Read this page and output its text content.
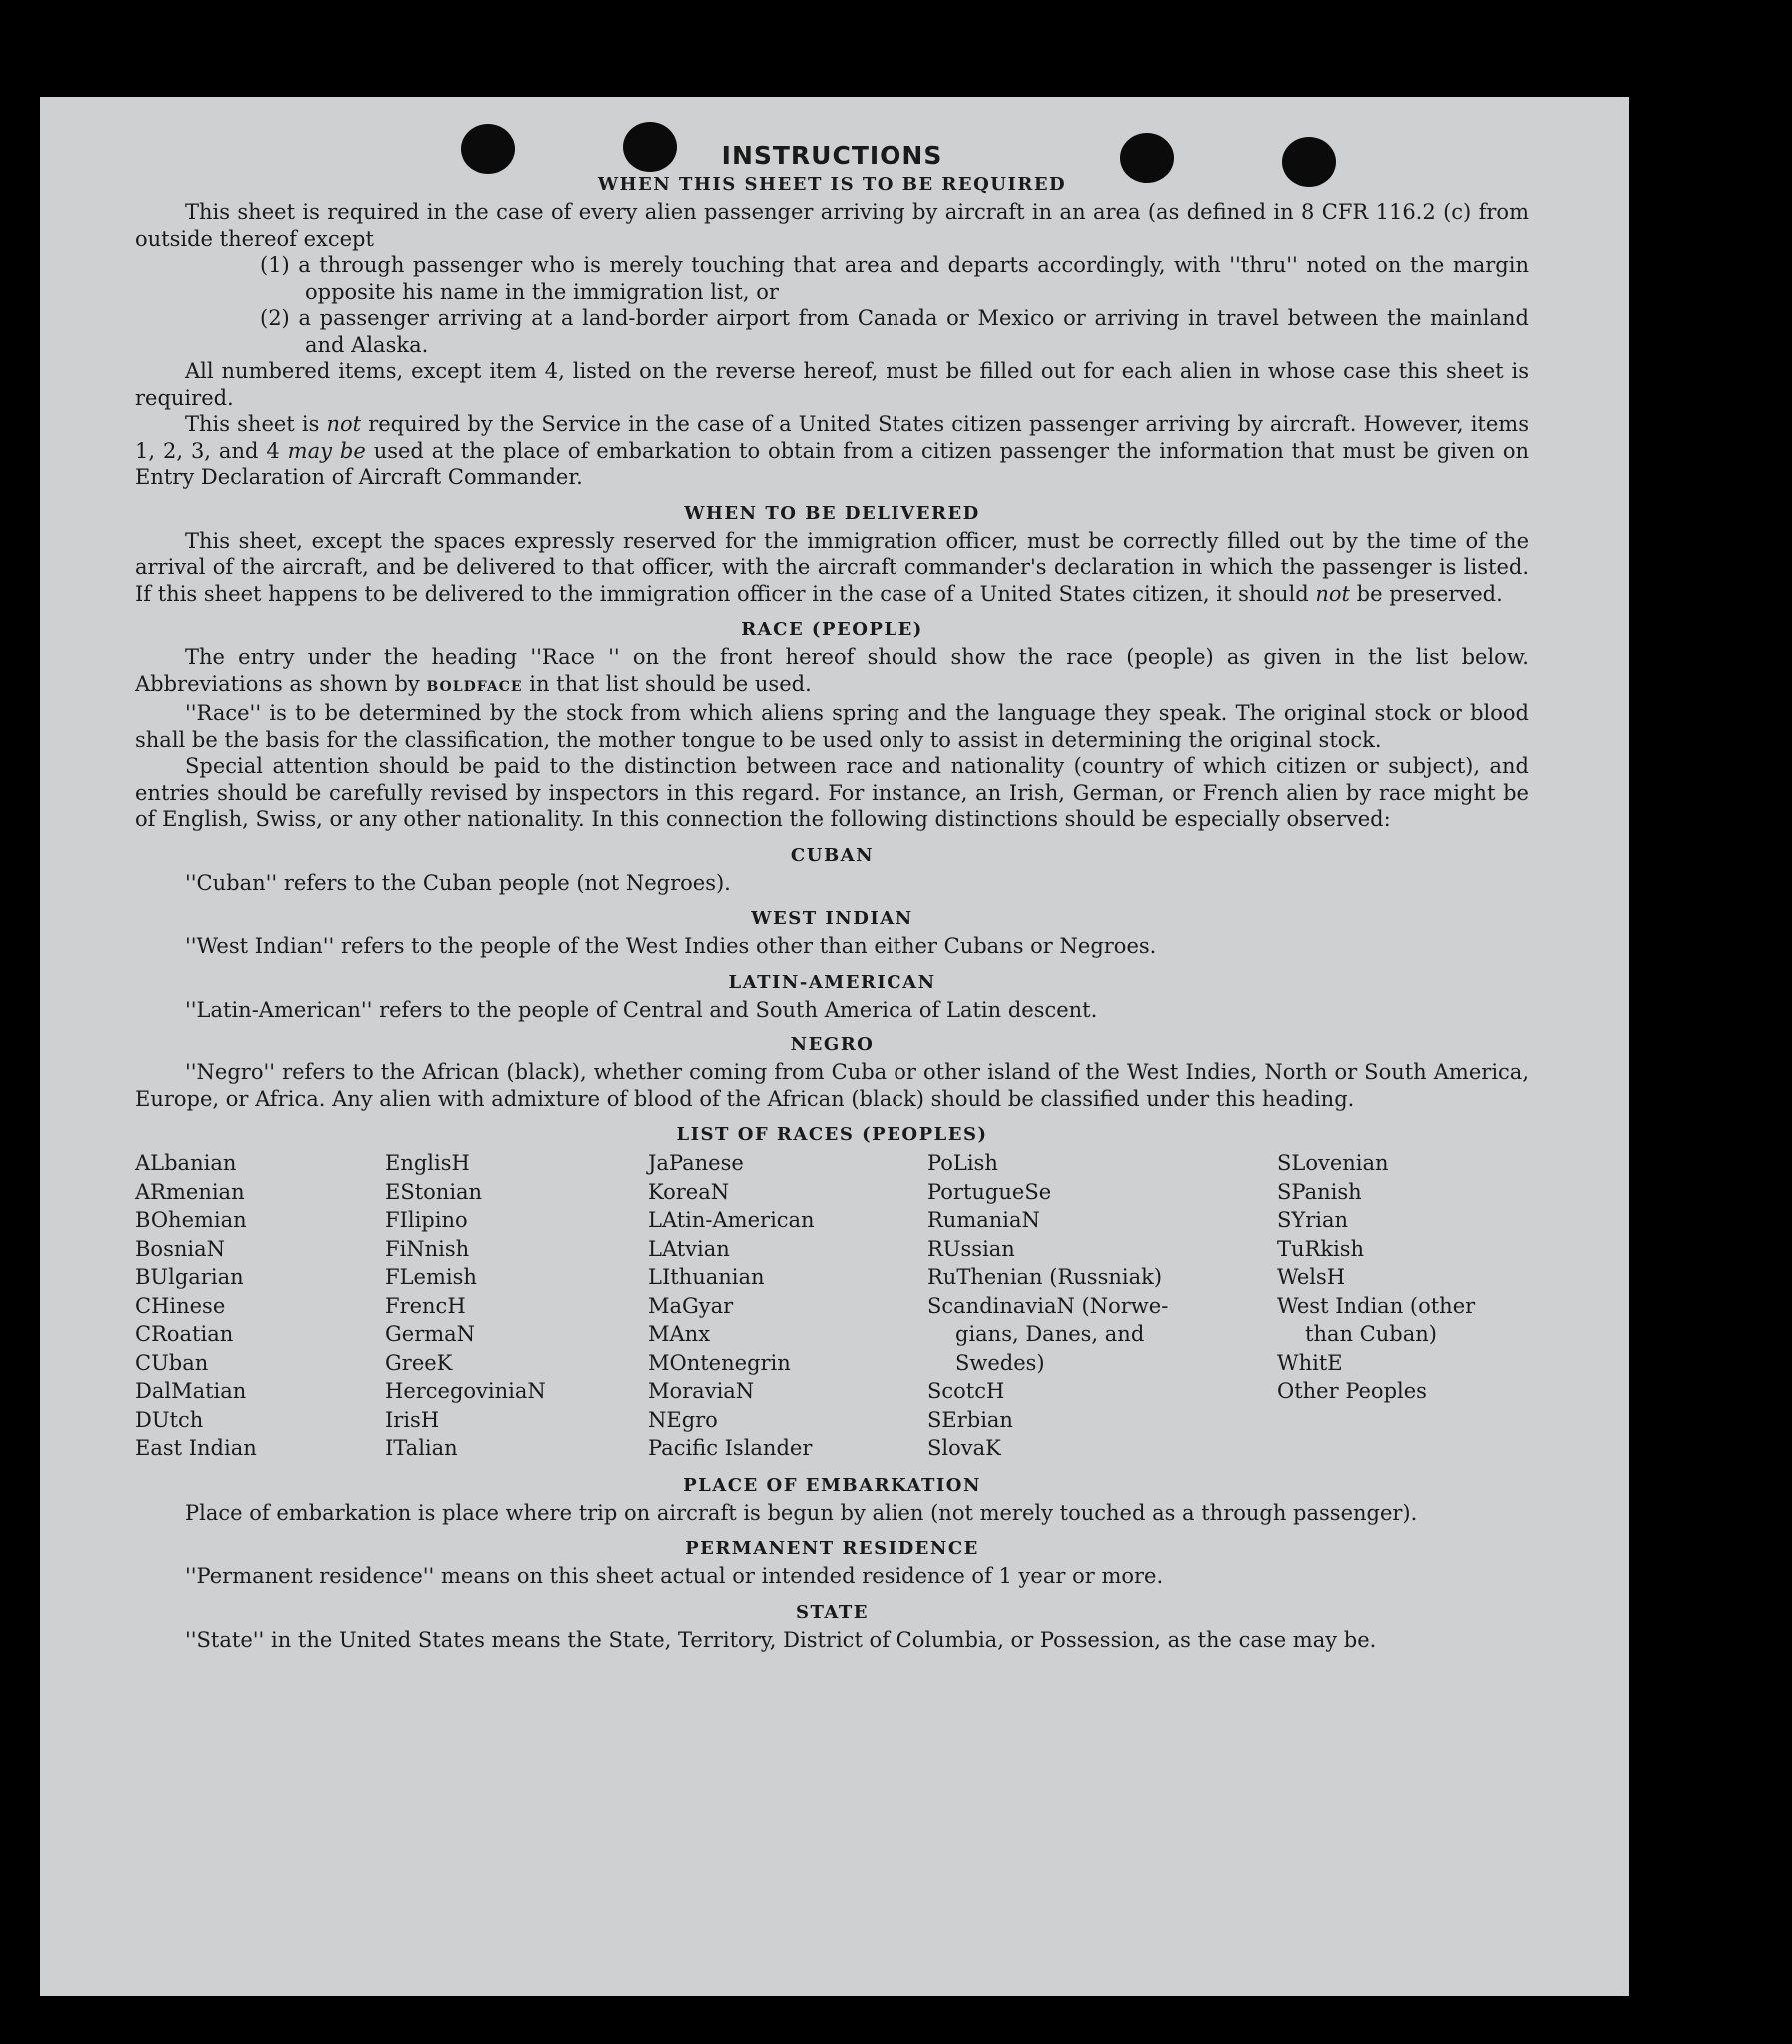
INSTRUCTIONS
WHEN THIS SHEET IS TO BE REQUIRED

This sheet is required in the case of every alien passenger arriving by aircraft in an area (as defined in 8 CFR 116.2 (c) from outside thereof except

(1) a through passenger who is merely touching that area and departs accordingly, with ''thru'' noted on the margin opposite his name in the immigration list, or
(2) a passenger arriving at a land-border airport from Canada or Mexico or arriving in travel between the mainland and Alaska.

All numbered items, except item 4, listed on the reverse hereof, must be filled out for each alien in whose case this sheet is required.

This sheet is not required by the Service in the case of a United States citizen passenger arriving by aircraft. However, items 1, 2, 3, and 4 may be used at the place of embarkation to obtain from a citizen passenger the information that must be given on Entry Declaration of Aircraft Commander.

WHEN TO BE DELIVERED

This sheet, except the spaces expressly reserved for the immigration officer, must be correctly filled out by the time of the arrival of the aircraft, and be delivered to that officer, with the aircraft commander's declaration in which the passenger is listed. If this sheet happens to be delivered to the immigration officer in the case of a United States citizen, it should not be preserved.

RACE (PEOPLE)

The entry under the heading ''Race '' on the front hereof should show the race (people) as given in the list below. Abbreviations as shown by BOLDFACE in that list should be used.

''Race'' is to be determined by the stock from which aliens spring and the language they speak. The original stock or blood shall be the basis for the classification, the mother tongue to be used only to assist in determining the original stock.

Special attention should be paid to the distinction between race and nationality (country of which citizen or subject), and entries should be carefully revised by inspectors in this regard. For instance, an Irish, German, or French alien by race might be of English, Swiss, or any other nationality. In this connection the following distinctions should be especially observed:

CUBAN

''Cuban'' refers to the Cuban people (not Negroes).

WEST INDIAN

''West Indian'' refers to the people of the West Indies other than either Cubans or Negroes.

LATIN-AMERICAN

''Latin-American'' refers to the people of Central and South America of Latin descent.

NEGRO

''Negro'' refers to the African (black), whether coming from Cuba or other island of the West Indies, North or South America, Europe, or Africa. Any alien with admixture of blood of the African (black) should be classified under this heading.

LIST OF RACES (PEOPLES)
ALbanian
ARmenian
BOhemian
BosniaN
BUlgarian
CHinese
CRoatian
CUban
DalMatian
DUtch
East Indian
EnglisH
EStonian
FIlipino
FiNnish
FLemish
FrencH
GermaN
GreeK
HercegoviniaN
IrisH
ITalian
JaPanese
KoreaN
LAtin-American
LAtvian
LIthuanian
MaGyar
MAnx
MOntenegrin
MoraviaN
NEgro
Pacific Islander
PoLish
PortugueSe
RumaniaN
RUssian
RuThenian (Russniak)
ScandinaviaN (Norwe-
gians, Danes, and
Swedes)
ScotcH
SErbian
SlovaK
SLovenian
SPanish
SYrian
TuRkish
WelsH
West Indian (other
than Cuban)
WhitE
Other Peoples
PLACE OF EMBARKATION

Place of embarkation is place where trip on aircraft is begun by alien (not merely touched as a through passenger).

PERMANENT RESIDENCE

''Permanent residence'' means on this sheet actual or intended residence of 1 year or more.

STATE

''State'' in the United States means the State, Territory, District of Columbia, or Possession, as the case may be.
